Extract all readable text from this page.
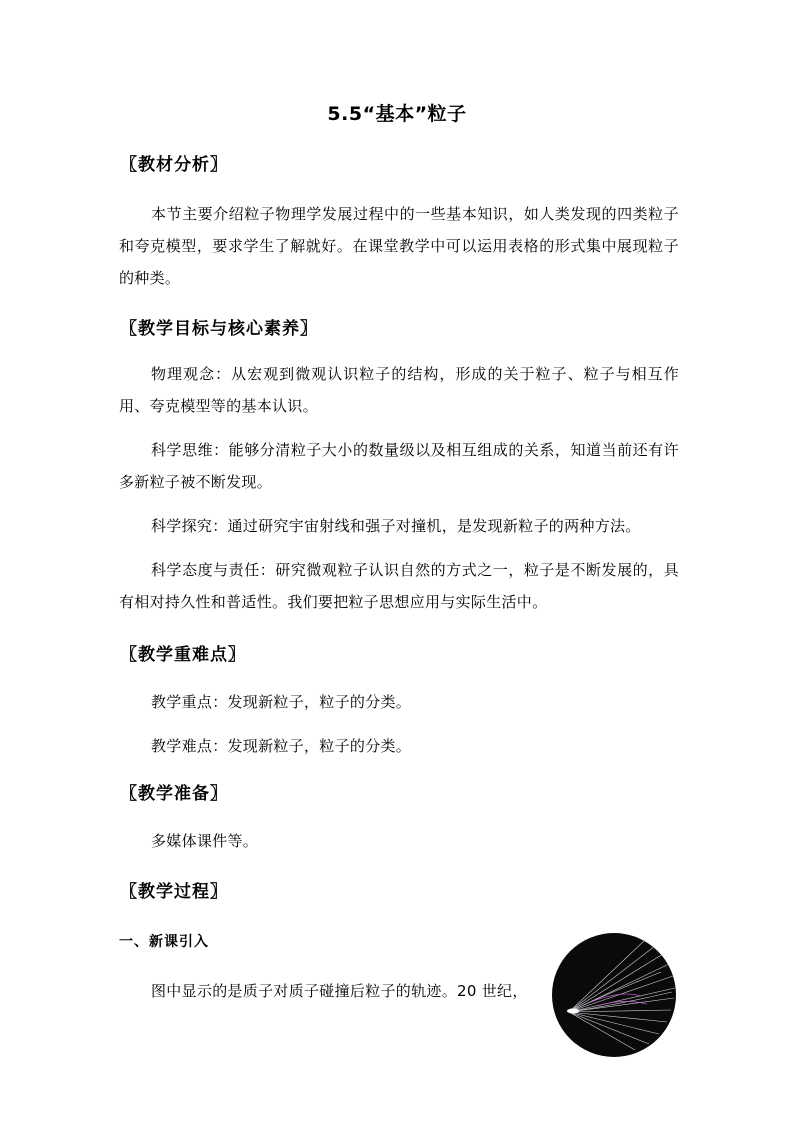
5.5“基本”粒子
〖教材分析〗
本节主要介绍粒子物理学发展过程中的一些基本知识，如人类发现的四类粒子和夸克模型，要求学生了解就好。在课堂教学中可以运用表格的形式集中展现粒子的种类。
〖教学目标与核心素养〗
物理观念：从宏观到微观认识粒子的结构，形成的关于粒子、粒子与相互作用、夸克模型等的基本认识。
科学思维：能够分清粒子大小的数量级以及相互组成的关系，知道当前还有许多新粒子被不断发现。
科学探究：通过研究宇宙射线和强子对撞机，是发现新粒子的两种方法。
科学态度与责任：研究微观粒子认识自然的方式之一，粒子是不断发展的，具有相对持久性和普适性。我们要把粒子思想应用与实际生活中。
〖教学重难点〗
教学重点：发现新粒子，粒子的分类。
教学难点：发现新粒子，粒子的分类。
〖教学准备〗
多媒体课件等。
〖教学过程〗
一、新课引入
图中显示的是质子对质子碰撞后粒子的轨迹。20 世纪，
